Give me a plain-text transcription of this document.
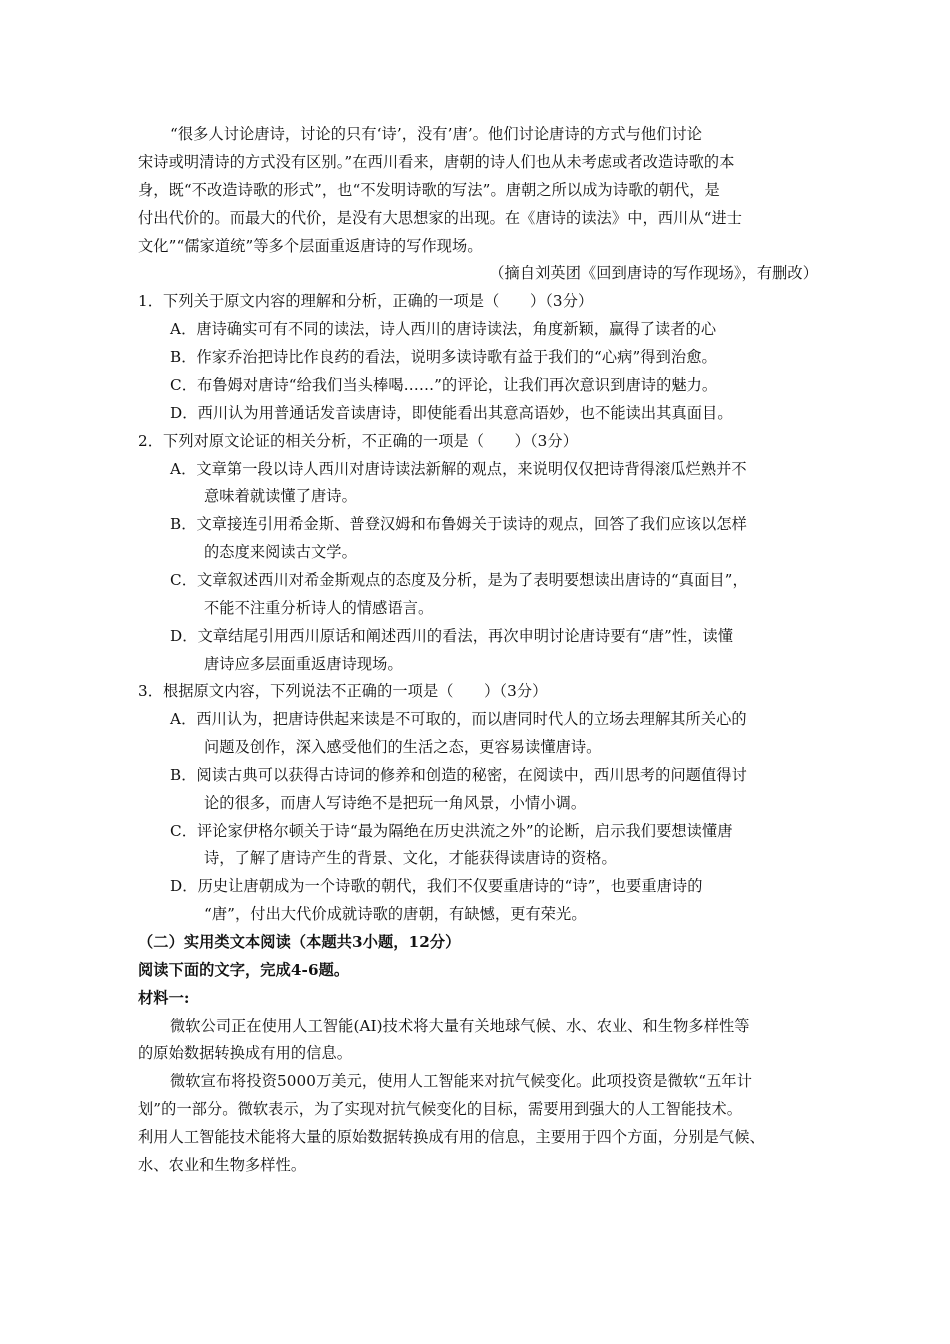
“很多人讨论唐诗，讨论的只有‘诗’，没有’唐’。他们讨论唐诗的方式与他们讨论
宋诗或明清诗的方式没有区别。”在西川看来，唐朝的诗人们也从未考虑或者改造诗歌的本
身，既“不改造诗歌的形式”，也“不发明诗歌的写法”。唐朝之所以成为诗歌的朝代，是
付出代价的。而最大的代价，是没有大思想家的出现。在《唐诗的读法》中，西川从“进士
文化”“儒家道统”等多个层面重返唐诗的写作现场。
（摘自刘英团《回到唐诗的写作现场》，有删改）
1．下列关于原文内容的理解和分析，正确的一项是（　　）（3分）
A．唐诗确实可有不同的读法，诗人西川的唐诗读法，角度新颖，赢得了读者的心
B．作家乔治把诗比作良药的看法，说明多读诗歌有益于我们的“心病”得到治愈。
C．布鲁姆对唐诗“给我们当头棒喝……”的评论，让我们再次意识到唐诗的魅力。
D．西川认为用普通话发音读唐诗，即使能看出其意高语妙，也不能读出其真面目。
2．下列对原文论证的相关分析，不正确的一项是（　　）（3分）
A．文章第一段以诗人西川对唐诗读法新解的观点，来说明仅仅把诗背得滚瓜烂熟并不
意味着就读懂了唐诗。
B．文章接连引用希金斯、普登汉姆和布鲁姆关于读诗的观点，回答了我们应该以怎样
的态度来阅读古文学。
C．文章叙述西川对希金斯观点的态度及分析，是为了表明要想读出唐诗的“真面目”，
不能不注重分析诗人的情感语言。
D．文章结尾引用西川原话和阐述西川的看法，再次申明讨论唐诗要有“唐”性，读懂
唐诗应多层面重返唐诗现场。
3．根据原文内容，下列说法不正确的一项是（　　）（3分）
A．西川认为，把唐诗供起来读是不可取的，而以唐同时代人的立场去理解其所关心的
问题及创作，深入感受他们的生活之态，更容易读懂唐诗。
B．阅读古典可以获得古诗词的修养和创造的秘密，在阅读中，西川思考的问题值得讨
论的很多，而唐人写诗绝不是把玩一角风景，小情小调。
C．评论家伊格尔顿关于诗“最为隔绝在历史洪流之外”的论断，启示我们要想读懂唐
诗，了解了唐诗产生的背景、文化，才能获得读唐诗的资格。
D．历史让唐朝成为一个诗歌的朝代，我们不仅要重唐诗的“诗”，也要重唐诗的
“唐”，付出大代价成就诗歌的唐朝，有缺憾，更有荣光。
（二）实用类文本阅读（本题共3小题，12分）
阅读下面的文字，完成4-6题。
材料一:
微软公司正在使用人工智能(AI)技术将大量有关地球气候、水、农业、和生物多样性等
的原始数据转换成有用的信息。
微软宣布将投资5000万美元，使用人工智能来对抗气候变化。此项投资是微软“五年计
划”的一部分。微软表示，为了实现对抗气候变化的目标，需要用到强大的人工智能技术。
利用人工智能技术能将大量的原始数据转换成有用的信息，主要用于四个方面，分别是气候、
水、农业和生物多样性。
